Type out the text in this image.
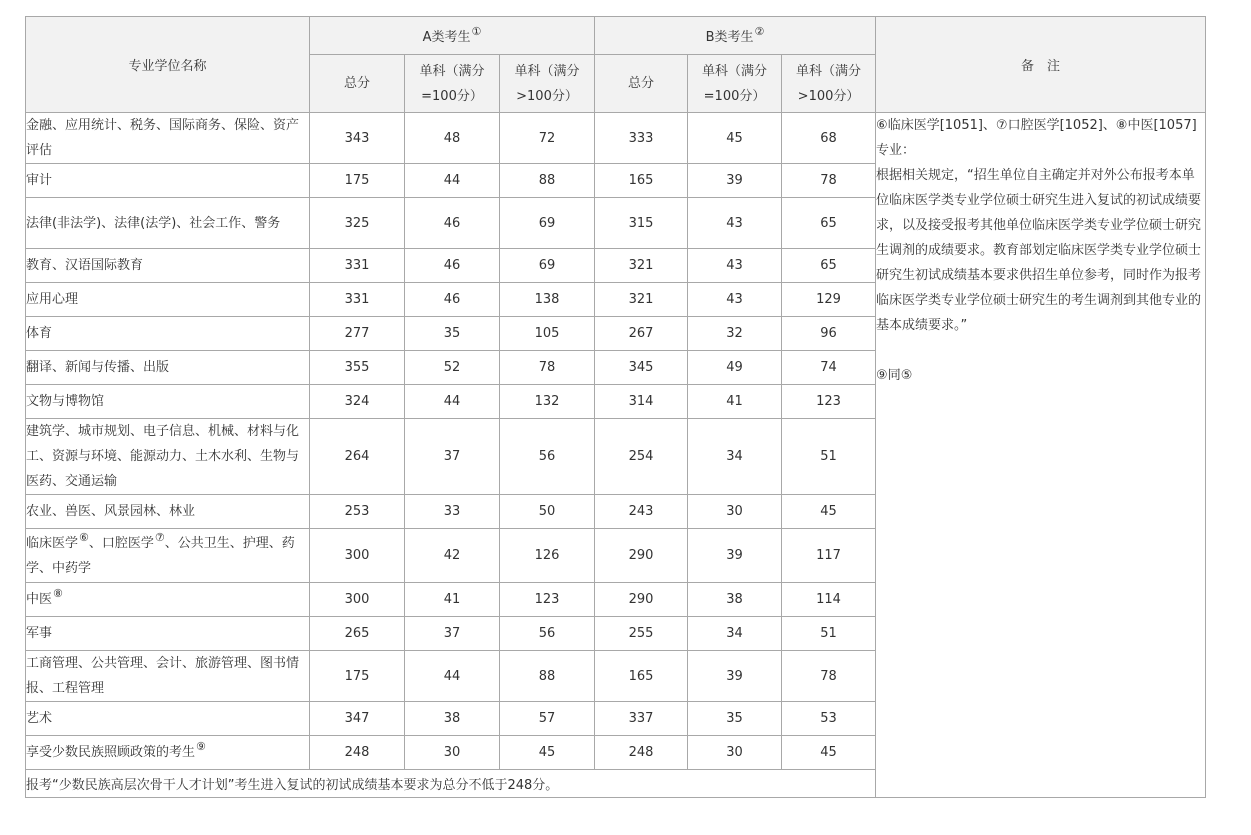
专业学位名称	A类考生①			B类考生②			备　注
	总分	单科（满分=100分）	单科（满分>100分）	总分	单科（满分=100分）	单科（满分>100分）	
金融、应用统计、税务、国际商务、保险、资产评估	343	48	72	333	45	68	⑥临床医学[1051]、⑦口腔医学[1052]、⑧中医[1057]专业：
根据相关规定，“招生单位自主确定并对外公布报考本单位临床医学类专业学位硕士研究生进入复试的初试成绩要求，以及接受报考其他单位临床医学类专业学位硕士研究生调剂的成绩要求。教育部划定临床医学类专业学位硕士研究生初试成绩基本要求供招生单位参考，同时作为报考临床医学类专业学位硕士研究生的考生调剂到其他专业的基本成绩要求。”
⑨同⑤

审计	175	44	88	165	39	78	
法律(非法学)、法律(法学)、社会工作、警务	325	46	69	315	43	65	
教育、汉语国际教育	331	46	69	321	43	65	
应用心理	331	46	138	321	43	129	
体育	277	35	105	267	32	96	
翻译、新闻与传播、出版	355	52	78	345	49	74	
文物与博物馆	324	44	132	314	41	123	
建筑学、城市规划、电子信息、机械、材料与化工、资源与环境、能源动力、土木水利、生物与医药、交通运输	264	37	56	254	34	51	
农业、兽医、风景园林、林业	253	33	50	243	30	45	
临床医学⑥、口腔医学⑦、公共卫生、护理、药学、中药学	300	42	126	290	39	117	
中医⑧	300	41	123	290	38	114	
军事	265	37	56	255	34	51	
工商管理、公共管理、会计、旅游管理、图书情报、工程管理	175	44	88	165	39	78	
艺术	347	38	57	337	35	53	
享受少数民族照顾政策的考生⑨	248	30	45	248	30	45	
报考“少数民族高层次骨干人才计划”考生进入复试的初试成绩基本要求为总分不低于248分。							
